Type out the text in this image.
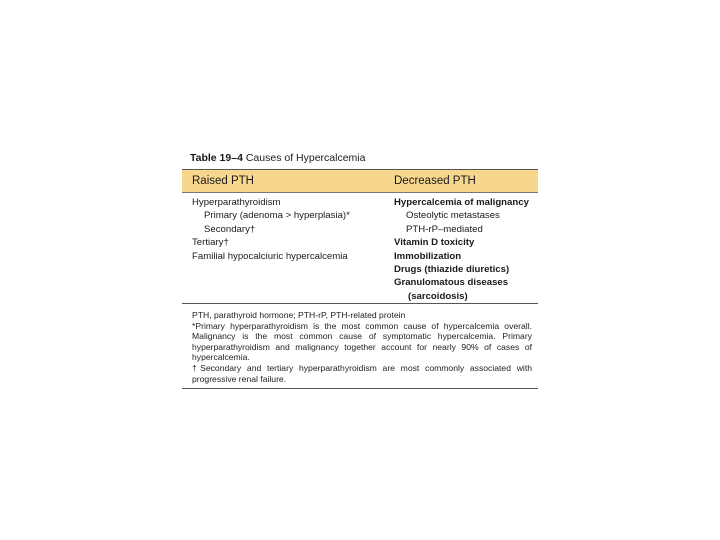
Table 19–4 Causes of Hypercalcemia
Raised PTH	Decreased PTH
Hyperparathyroidism
Primary (adenoma > hyperplasia)*
Secondary†
Tertiary†
Familial hypocalciuric hypercalcemia
Hypercalcemia of malignancy
Osteolytic metastases
PTH-rP–mediated
Vitamin D toxicity
Immobilization
Drugs (thiazide diuretics)
Granulomatous diseases
(sarcoidosis)
PTH, parathyroid hormone; PTH-rP, PTH-related protein
*Primary hyperparathyroidism is the most common cause of hypercalcemia overall. Malignancy is the most common cause of symptomatic hypercalcemia. Primary hyperparathyroidism and malignancy together account for nearly 90% of cases of hypercalcemia.
†Secondary and tertiary hyperparathyroidism are most commonly associated with progressive renal failure.
